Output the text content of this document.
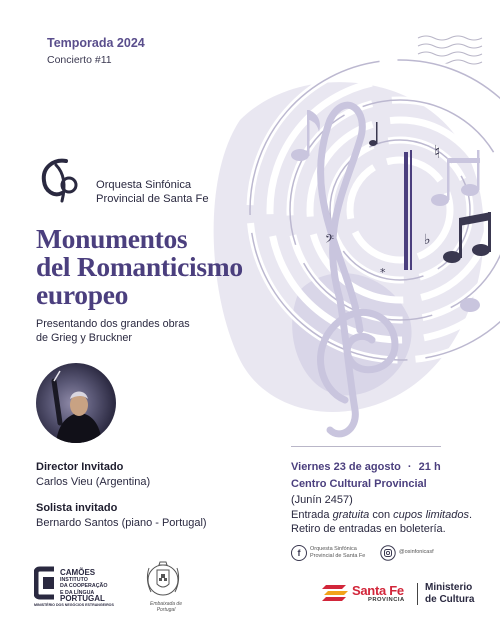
♮
♭
𝄢
*
Temporada 2024
Concierto #11
Orquesta Sinfónica
Provincial de Santa Fe
Monumentos
del Romanticismo
europeo
Presentando dos grandes obras
de Grieg y Bruckner
Director Invitado
Carlos Vieu (Argentina)
Solista invitado
Bernardo Santos (piano - Portugal)
Viernes 23 de agosto · 21 h
Centro Cultural Provincial
(Junín 2457)
Entrada gratuita con cupos limitados.
Retiro de entradas en boletería.
f	Orquesta Sinfónica
Provincial de Santa Fe
@osinfonicasf
CAMÕES
INSTITUTO
DA COOPERAÇÃO
E DA LÍNGUA
PORTUGAL
MINISTÉRIO DOS NEGÓCIOS ESTRANGEIROS	Embaixada de Portugal
Santa Fe
PROVINCIA
Ministerio
de Cultura
